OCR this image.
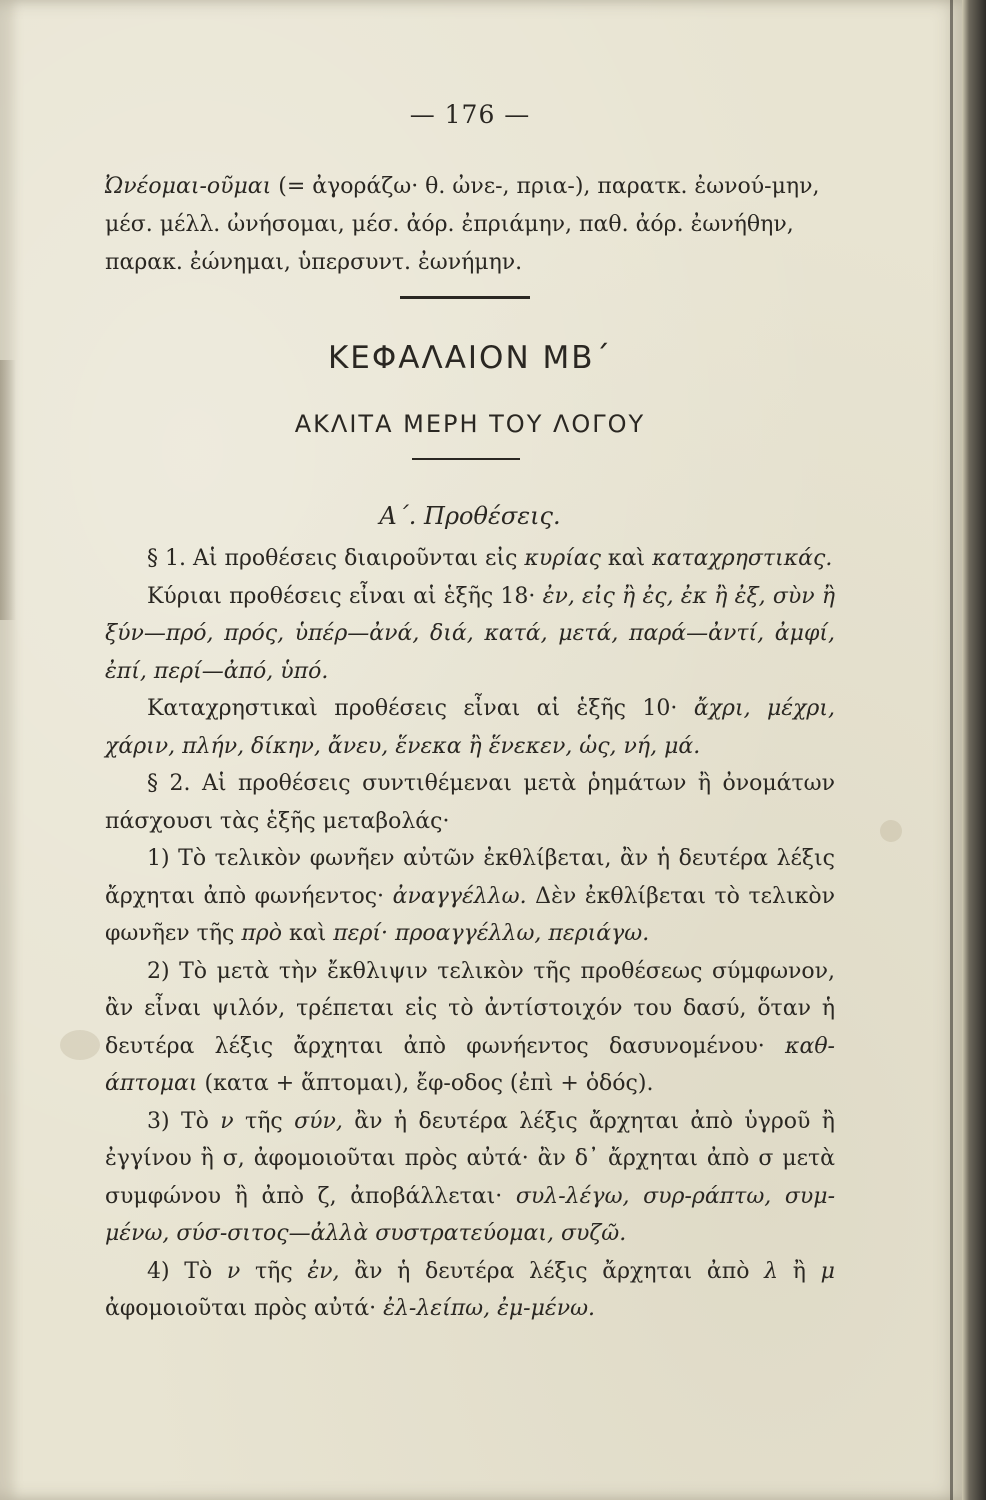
— 176 —
Ὠνέομαι-οῦμαι (= ἀγοράζω· θ. ὠνε-, πρια-), παρατκ. ἐωνού-μην, μέσ. μέλλ. ὠνήσομαι, μέσ. ἀόρ. ἐπριάμην, παθ. ἀόρ. ἐωνήθην, παρακ. ἐώνημαι, ὑπερσυντ. ἐωνήμην.
ΚΕΦΑΛΑΙΟΝ ΜΒ΄
ΑΚΛΙΤΑ ΜΕΡΗ ΤΟΥ ΛΟΓΟΥ
Α΄. Προθέσεις.

§ 1. Αἱ προθέσεις διαιροῦνται εἰς κυρίας καὶ καταχρηστικάς.

Κύριαι προθέσεις εἶναι αἱ ἑξῆς 18· ἐν, εἰς ἢ ἐς, ἐκ ἢ ἐξ, σὺν ἢ ξύν—πρό, πρός, ὑπέρ—ἀνά, διά, κατά, μετά, παρά—ἀντί, ἀμφί, ἐπί, περί—ἀπό, ὑπό.

Καταχρηστικαὶ προθέσεις εἶναι αἱ ἑξῆς 10· ἄχρι, μέχρι, χάριν, πλήν, δίκην, ἄνευ, ἕνεκα ἢ ἕνεκεν, ὡς, νή, μά.

§ 2. Αἱ προθέσεις συντιθέμεναι μετὰ ῥημάτων ἢ ὀνομάτων πάσχουσι τὰς ἑξῆς μεταβολάς·

1) Τὸ τελικὸν φωνῆεν αὐτῶν ἐκθλίβεται, ἂν ἡ δευτέρα λέξις ἄρχηται ἀπὸ φωνήεντος· ἀναγγέλλω. Δὲν ἐκθλίβεται τὸ τελικὸν φωνῆεν τῆς πρὸ καὶ περί· προαγγέλλω, περιάγω.

2) Τὸ μετὰ τὴν ἔκθλιψιν τελικὸν τῆς προθέσεως σύμφωνον, ἂν εἶναι ψιλόν, τρέπεται εἰς τὸ ἀντίστοιχόν του δασύ, ὅταν ἡ δευτέρα λέξις ἄρχηται ἀπὸ φωνήεντος δασυνομένου· καθ-άπτομαι (κατα + ἅπτομαι), ἔφ-οδος (ἐπὶ + ὁδός).

3) Τὸ ν τῆς σύν, ἂν ἡ δευτέρα λέξις ἄρχηται ἀπὸ ὑγροῦ ἢ ἐγγίνου ἢ σ, ἀφομοιοῦται πρὸς αὐτά· ἂν δ᾽ ἄρχηται ἀπὸ σ μετὰ συμφώνου ἢ ἀπὸ ζ, ἀποβάλλεται· συλ-λέγω, συρ-ράπτω, συμ-μένω, σύσ-σιτος—ἀλλὰ συστρατεύομαι, συζῶ.

4) Τὸ ν τῆς ἐν, ἂν ἡ δευτέρα λέξις ἄρχηται ἀπὸ λ ἢ μ ἀφομοιοῦται πρὸς αὐτά· ἐλ-λείπω, ἐμ-μένω.
